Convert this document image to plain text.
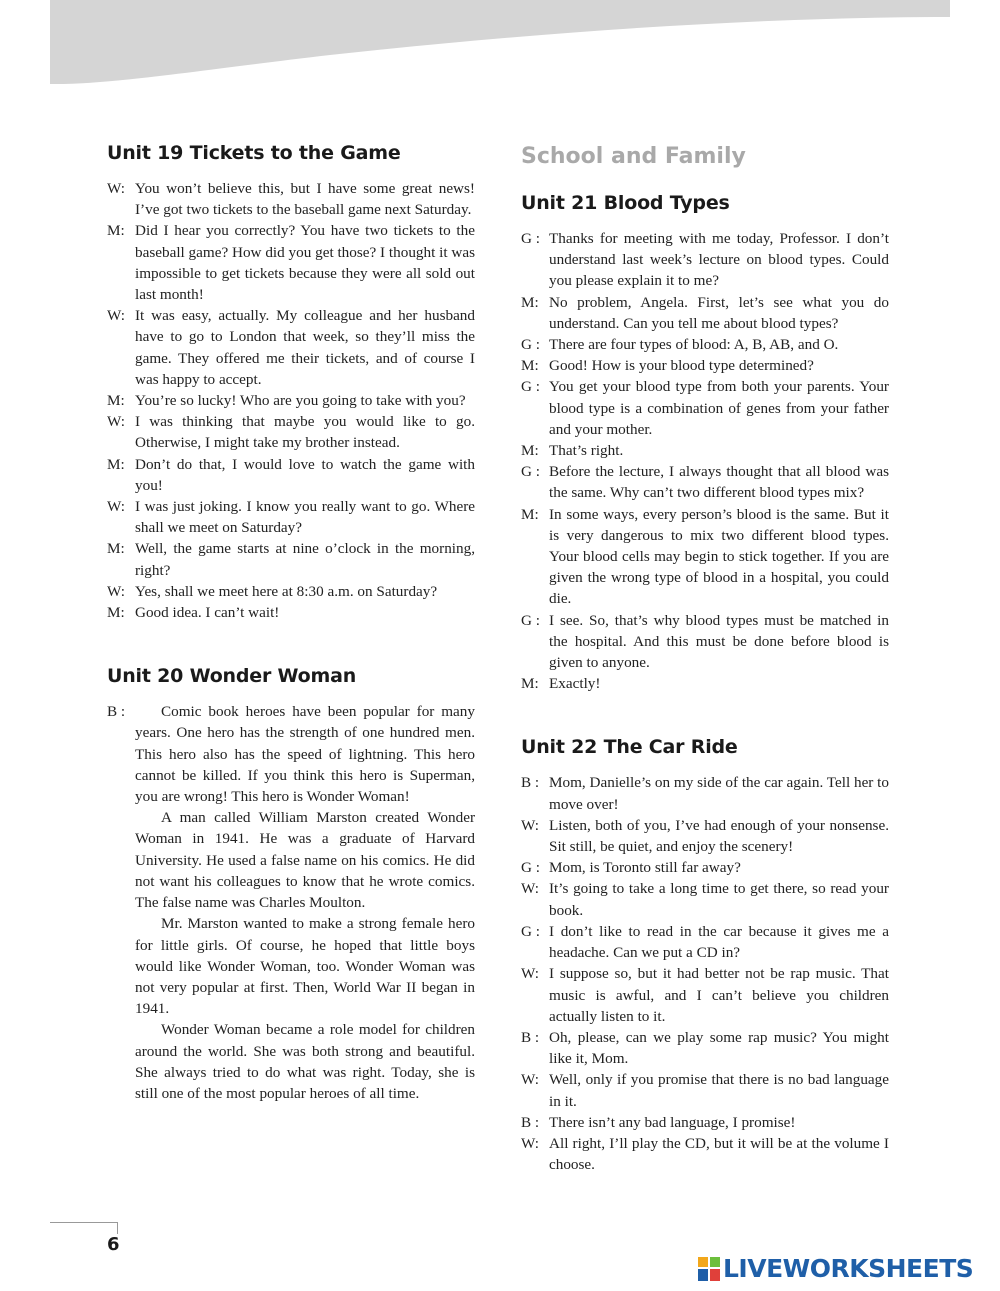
Unit 19 Tickets to the Game
W: You won’t believe this, but I have some great news! I’ve got two tickets to the baseball game next Saturday.
M: Did I hear you correctly? You have two tickets to the baseball game? How did you get those? I thought it was impossible to get tickets because they were all sold out last month!
W: It was easy, actually. My colleague and her husband have to go to London that week, so they’ll miss the game. They offered me their tickets, and of course I was happy to accept.
M: You’re so lucky! Who are you going to take with you?
W: I was thinking that maybe you would like to go. Otherwise, I might take my brother instead.
M: Don’t do that, I would love to watch the game with you!
W: I was just joking. I know you really want to go. Where shall we meet on Saturday?
M: Well, the game starts at nine o’clock in the morning, right?
W: Yes, shall we meet here at 8:30 a.m. on Saturday?
M: Good idea. I can’t wait!
Unit 20 Wonder Woman
B :	Comic book heroes have been popular for many years. One hero has the strength of one hundred men. This hero also has the speed of lightning. This hero cannot be killed. If you think this hero is Superman, you are wrong! This hero is Wonder Woman!

A man called William Marston created Wonder Woman in 1941. He was a graduate of Harvard University. He used a false name on his comics. He did not want his colleagues to know that he wrote comics. The false name was Charles Moulton.

Mr. Marston wanted to make a strong female hero for little girls. Of course, he hoped that little boys would like Wonder Woman, too. Wonder Woman was not very popular at first. Then, World War II began in 1941.

Wonder Woman became a role model for children around the world. She was both strong and beautiful. She always tried to do what was right. Today, she is still one of the most popular heroes of all time.

School and Family
Unit 21 Blood Types
G : Thanks for meeting with me today, Professor. I don’t understand last week’s lecture on blood types. Could you please explain it to me?
M: No problem, Angela. First, let’s see what you do understand. Can you tell me about blood types?
G : There are four types of blood: A, B, AB, and O.
M: Good! How is your blood type determined?
G : You get your blood type from both your parents. Your blood type is a combination of genes from your father and your mother.
M: That’s right.
G : Before the lecture, I always thought that all blood was the same. Why can’t two different blood types mix?
M: In some ways, every person’s blood is the same. But it is very dangerous to mix two different blood types. Your blood cells may begin to stick together. If you are given the wrong type of blood in a hospital, you could die.
G : I see. So, that’s why blood types must be matched in the hospital. And this must be done before blood is given to anyone.
M: Exactly!
Unit 22 The Car Ride
B : Mom, Danielle’s on my side of the car again. Tell her to move over!
W: Listen, both of you, I’ve had enough of your nonsense. Sit still, be quiet, and enjoy the scenery!
G : Mom, is Toronto still far away?
W: It’s going to take a long time to get there, so read your book.
G : I don’t like to read in the car because it gives me a headache. Can we put a CD in?
W: I suppose so, but it had better not be rap music. That music is awful, and I can’t believe you children actually listen to it.
B : Oh, please, can we play some rap music? You might like it, Mom.
W: Well, only if you promise that there is no bad language in it.
B : There isn’t any bad language, I promise!
W: All right, I’ll play the CD, but it will be at the volume I choose.
6
LIVEWORKSHEETS
